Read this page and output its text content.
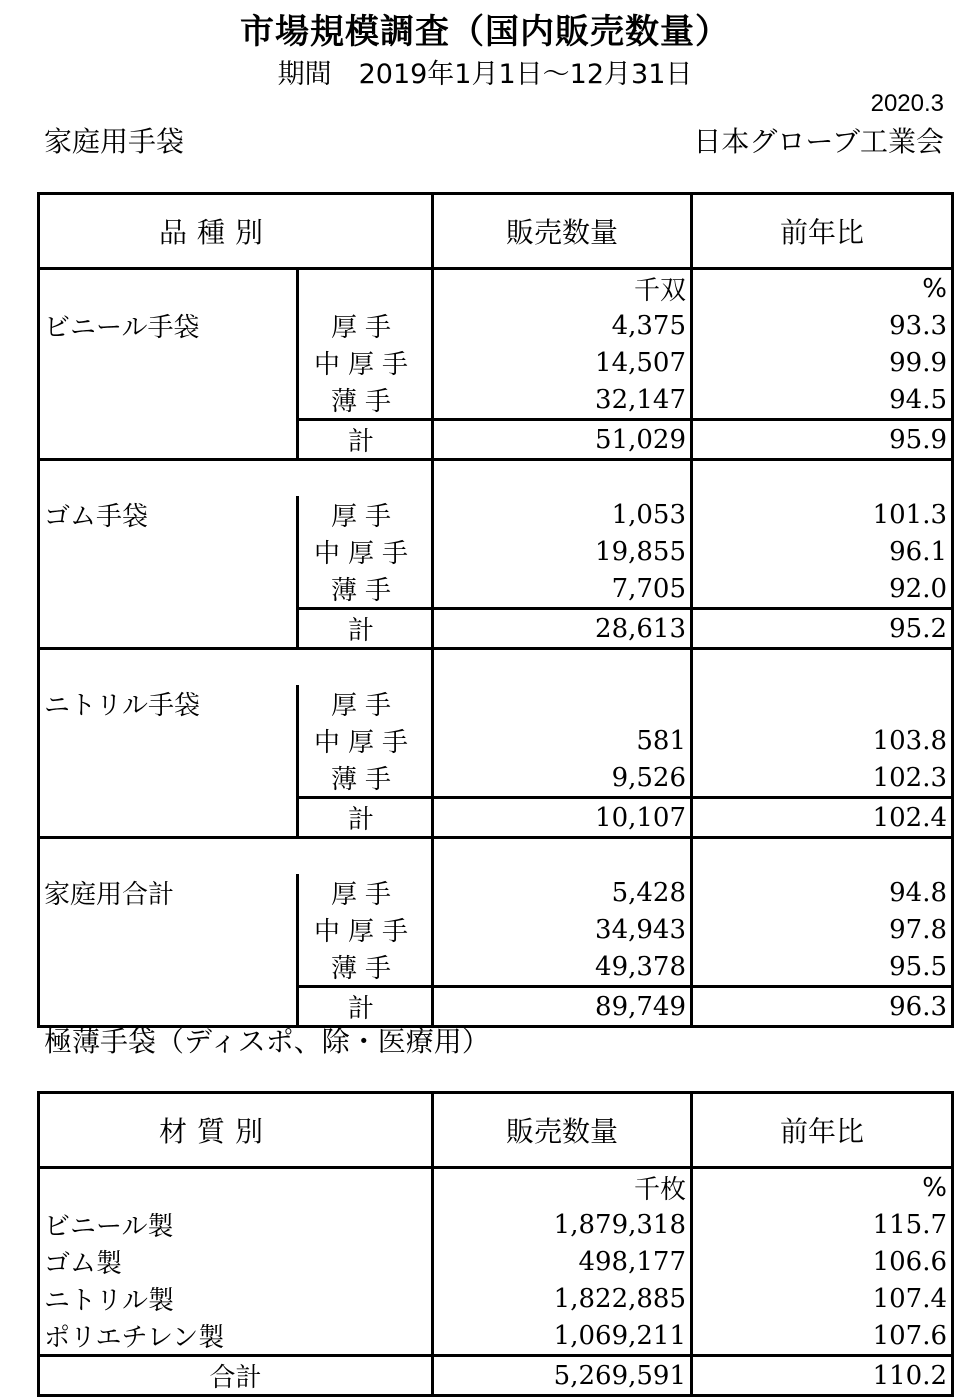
市場規模調査（国内販売数量）
期間　2019年1月1日～12月31日
2020.3
日本グローブ工業会
家庭用手袋
品種別		販売数量	前年比
		千双	%
ビニール手袋	厚手	4,375	93.3
	中厚手	14,507	99.9
	薄手	32,147	94.5
	計	51,029	95.9

ゴム手袋	厚手	1,053	101.3
	中厚手	19,855	96.1
	薄手	7,705	92.0
	計	28,613	95.2

ニトリル手袋	厚手		
	中厚手	581	103.8
	薄手	9,526	102.3
	計	10,107	102.4

家庭用合計	厚手	5,428	94.8
	中厚手	34,943	97.8
	薄手	49,378	95.5
	計	89,749	96.3
極薄手袋（ディスポ、除・医療用）
材質別	販売数量	前年比
	千枚	%
ビニール製	1,879,318	115.7
ゴム製	498,177	106.6
ニトリル製	1,822,885	107.4
ポリエチレン製	1,069,211	107.6
合計	5,269,591	110.2
